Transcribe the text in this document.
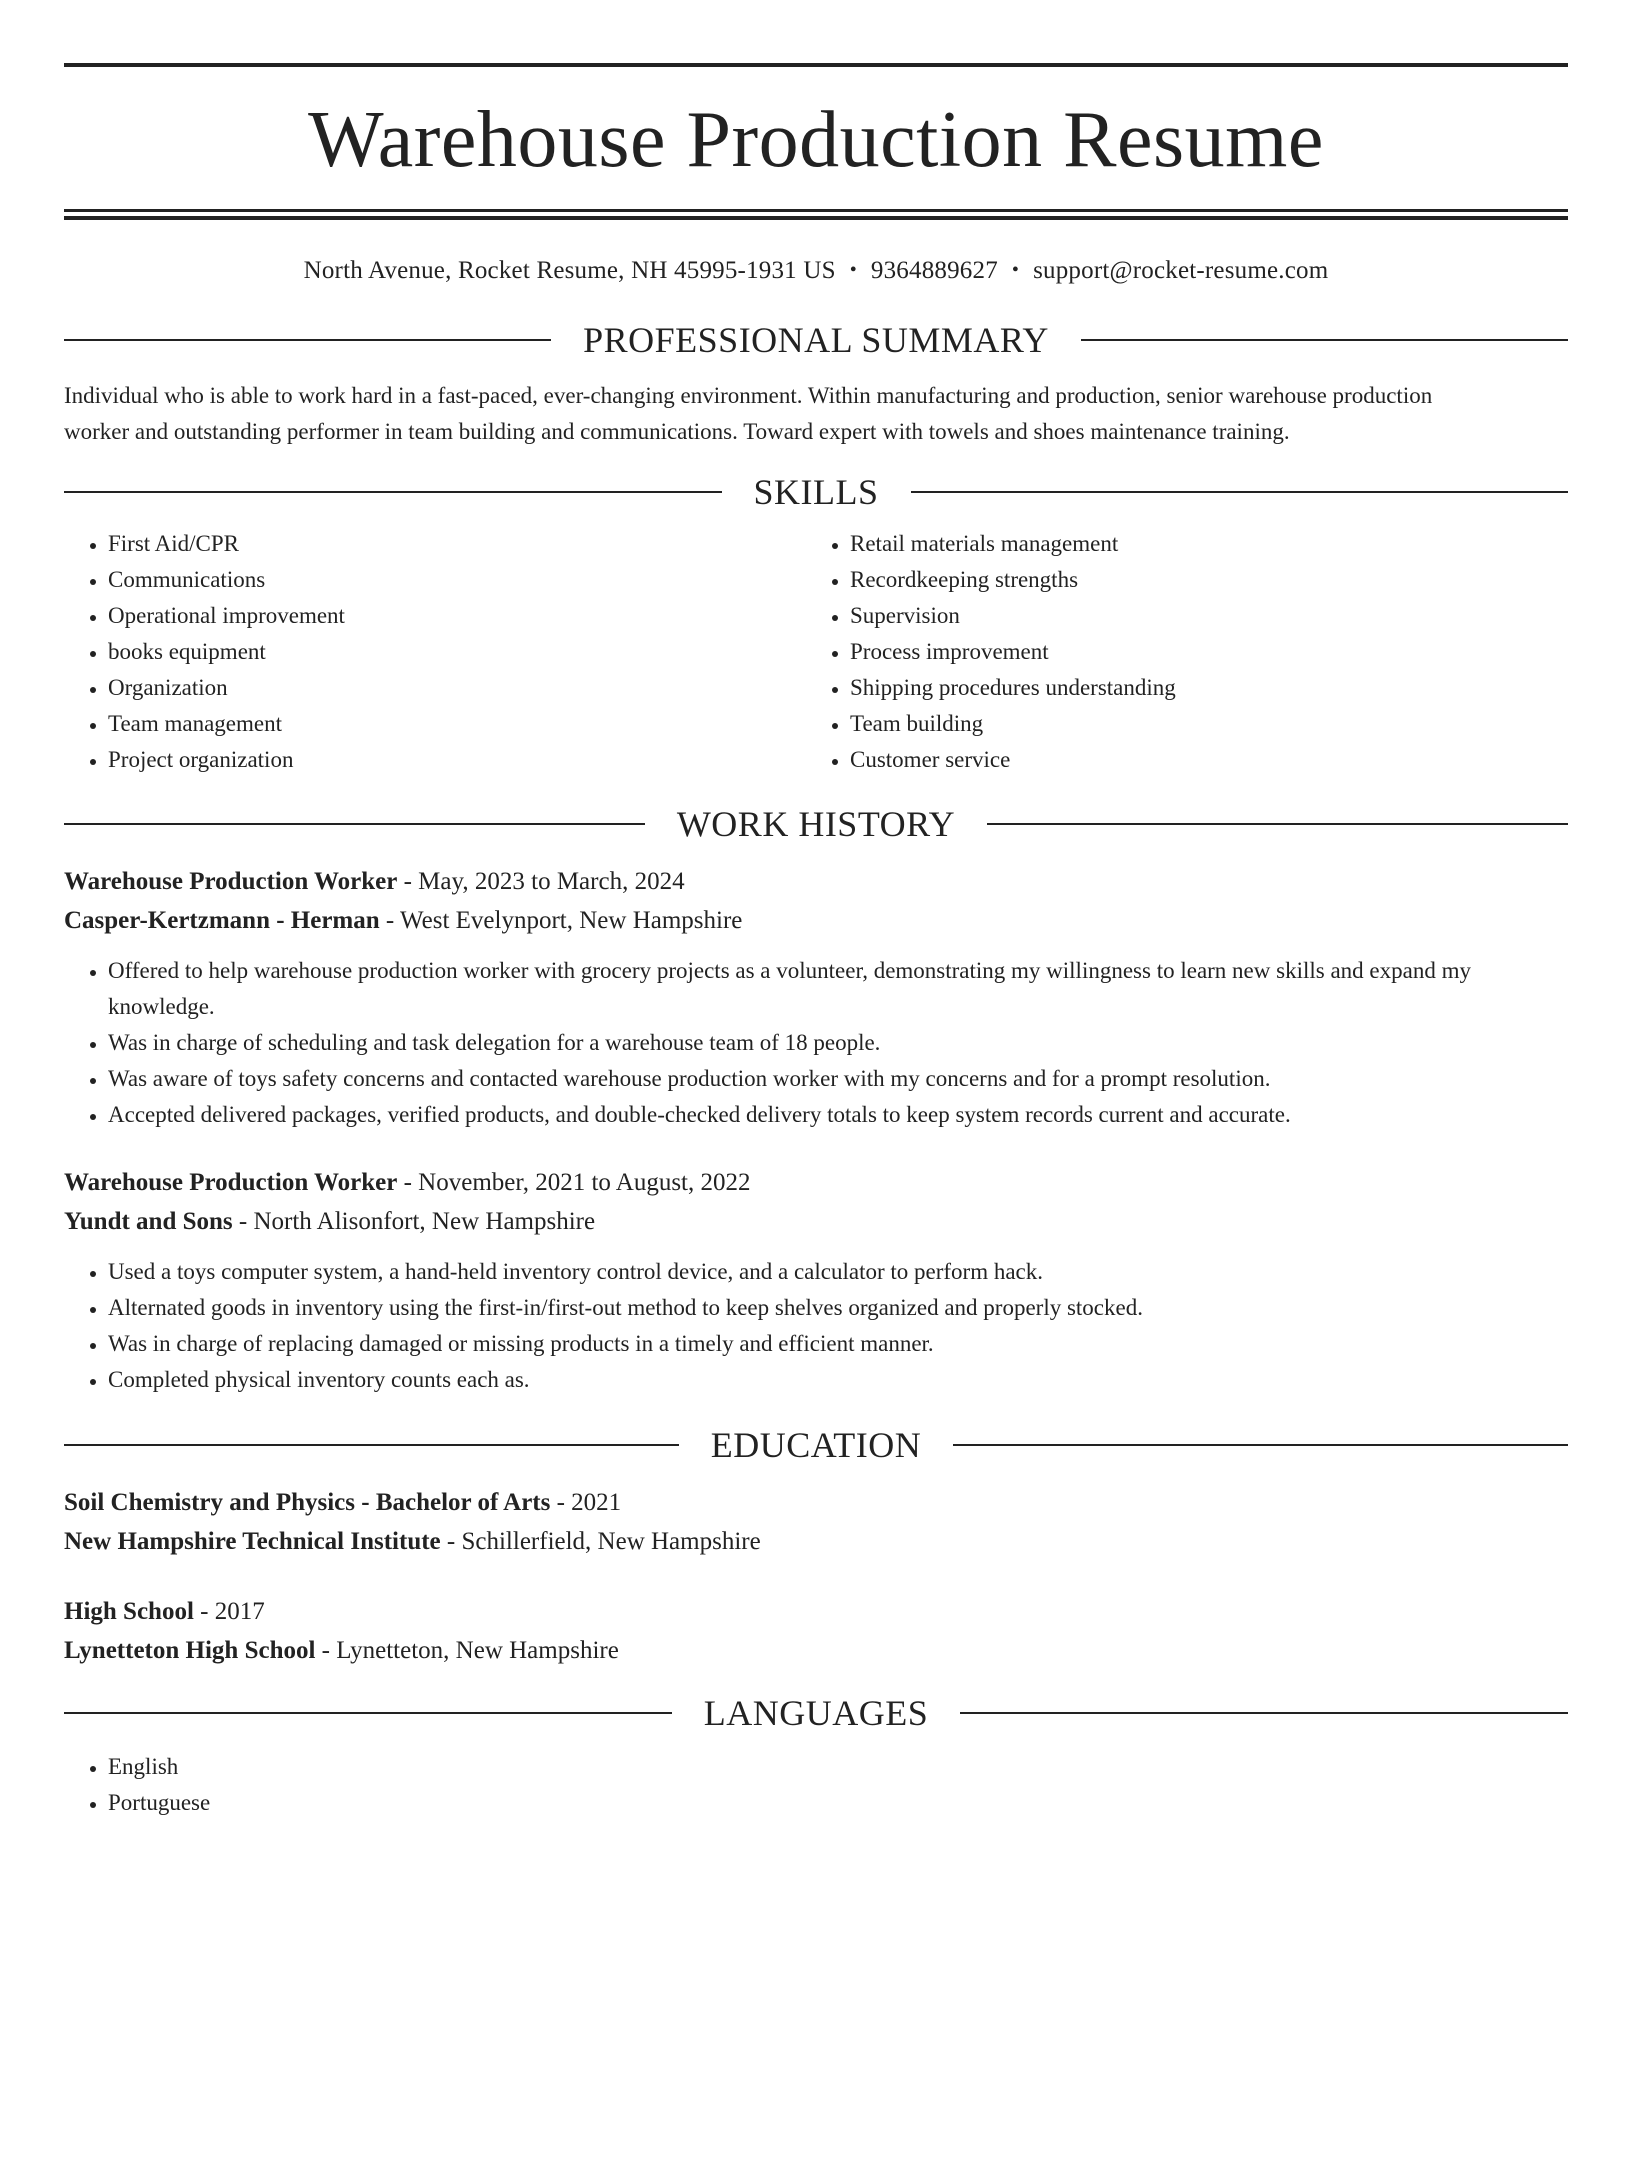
Warehouse Production Resume
North Avenue, Rocket Resume, NH 45995-1931 US • 9364889627 • support@rocket-resume.com
PROFESSIONAL SUMMARY
Individual who is able to work hard in a fast-paced, ever-changing environment. Within manufacturing and production, senior warehouse production
worker and outstanding performer in team building and communications. Toward expert with towels and shoes maintenance training.
SKILLS
• First Aid/CPR
• Communications
• Operational improvement
• books equipment
• Organization
• Team management
• Project organization
• Retail materials management
• Recordkeeping strengths
• Supervision
• Process improvement
• Shipping procedures understanding
• Team building
• Customer service
WORK HISTORY
Warehouse Production Worker - May, 2023 to March, 2024
Casper-Kertzmann - Herman - West Evelynport, New Hampshire
• Offered to help warehouse production worker with grocery projects as a volunteer, demonstrating my willingness to learn new skills and expand my knowledge.
• Was in charge of scheduling and task delegation for a warehouse team of 18 people.
• Was aware of toys safety concerns and contacted warehouse production worker with my concerns and for a prompt resolution.
• Accepted delivered packages, verified products, and double-checked delivery totals to keep system records current and accurate.
Warehouse Production Worker - November, 2021 to August, 2022
Yundt and Sons - North Alisonfort, New Hampshire
• Used a toys computer system, a hand-held inventory control device, and a calculator to perform hack.
• Alternated goods in inventory using the first-in/first-out method to keep shelves organized and properly stocked.
• Was in charge of replacing damaged or missing products in a timely and efficient manner.
• Completed physical inventory counts each as.
EDUCATION
Soil Chemistry and Physics - Bachelor of Arts - 2021
New Hampshire Technical Institute - Schillerfield, New Hampshire
High School - 2017
Lynetteton High School - Lynetteton, New Hampshire
LANGUAGES
• English
• Portuguese
